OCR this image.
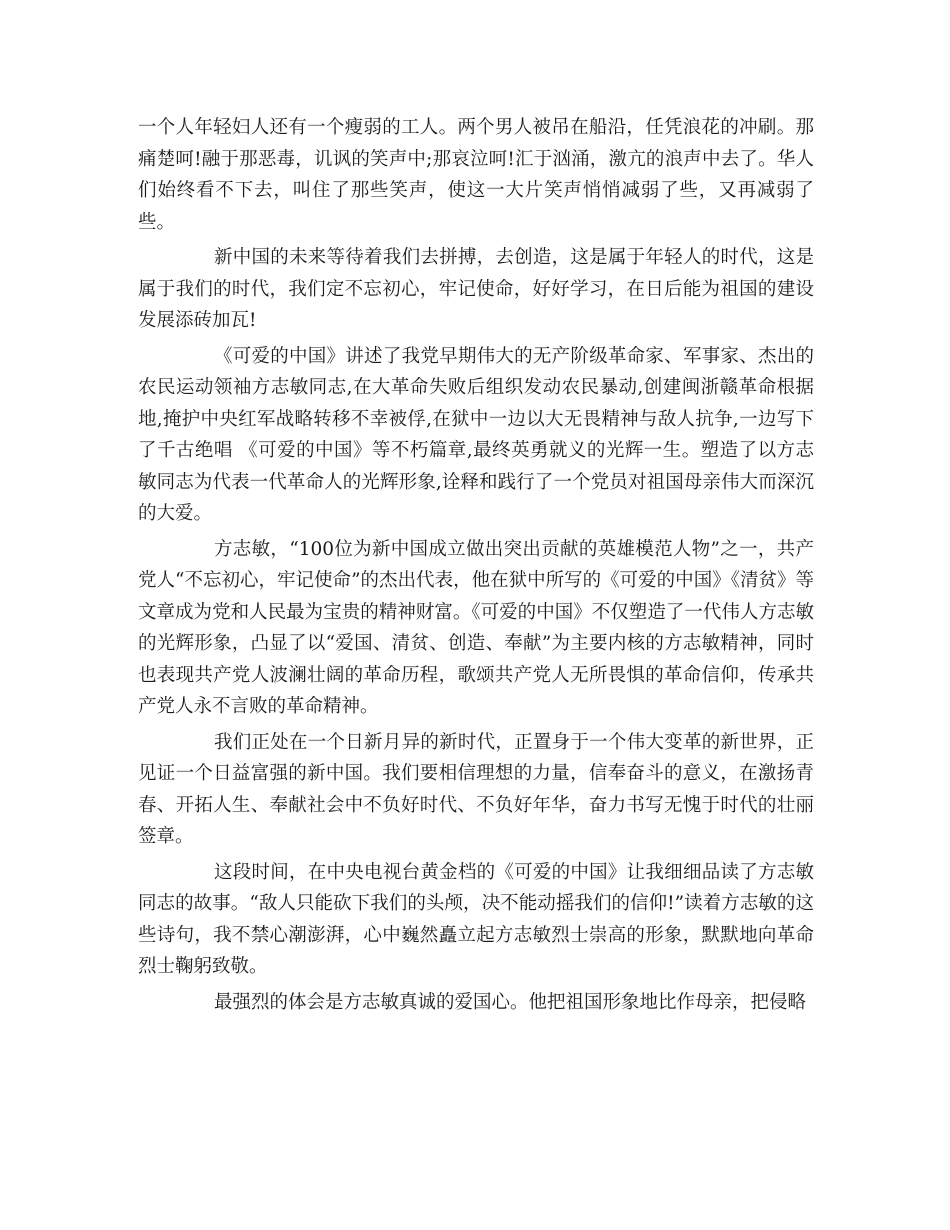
一个人年轻妇人还有一个瘦弱的工人。两个男人被吊在船沿，任凭浪花的冲刷。那痛楚呵!融于那恶毒，讥讽的笑声中;那哀泣呵!汇于汹涌，激亢的浪声中去了。华人们始终看不下去，叫住了那些笑声，使这一大片笑声悄悄减弱了些，又再减弱了些。

新中国的未来等待着我们去拼搏，去创造，这是属于年轻人的时代，这是属于我们的时代，我们定不忘初心，牢记使命，好好学习，在日后能为祖国的建设发展添砖加瓦!

《可爱的中国》讲述了我党早期伟大的无产阶级革命家、军事家、杰出的农民运动领袖方志敏同志,在大革命失败后组织发动农民暴动,创建闽浙赣革命根据地,掩护中央红军战略转移不幸被俘,在狱中一边以大无畏精神与敌人抗争,一边写下了千古绝唱 《可爱的中国》等不朽篇章,最终英勇就义的光辉一生。塑造了以方志敏同志为代表一代革命人的光辉形象,诠释和践行了一个党员对祖国母亲伟大而深沉的大爱。

方志敏，“100位为新中国成立做出突出贡献的英雄模范人物”之一，共产党人“不忘初心，牢记使命”的杰出代表，他在狱中所写的《可爱的中国》《清贫》等文章成为党和人民最为宝贵的精神财富。《可爱的中国》不仅塑造了一代伟人方志敏的光辉形象，凸显了以“爱国、清贫、创造、奉献”为主要内核的方志敏精神，同时也表现共产党人波澜壮阔的革命历程，歌颂共产党人无所畏惧的革命信仰，传承共产党人永不言败的革命精神。

我们正处在一个日新月异的新时代，正置身于一个伟大变革的新世界，正见证一个日益富强的新中国。我们要相信理想的力量，信奉奋斗的意义，在激扬青春、开拓人生、奉献社会中不负好时代、不负好年华，奋力书写无愧于时代的壮丽签章。

这段时间，在中央电视台黄金档的《可爱的中国》让我细细品读了方志敏同志的故事。“敌人只能砍下我们的头颅，决不能动摇我们的信仰!”读着方志敏的这些诗句，我不禁心潮澎湃，心中巍然矗立起方志敏烈士崇高的形象，默默地向革命烈士鞠躬致敬。

最强烈的体会是方志敏真诚的爱国心。他把祖国形象地比作母亲，把侵略
